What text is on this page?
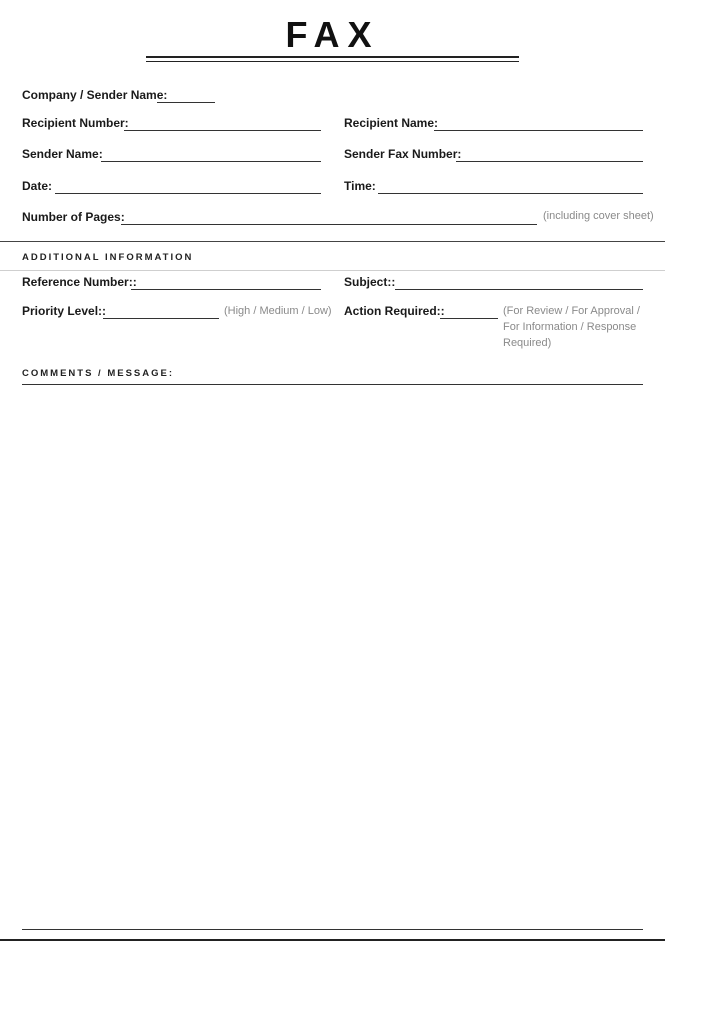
FAX
Company / Sender Name:
Recipient Number:	Recipient Name:
Sender Name:	Sender Fax Number:
Date:	Time:
Number of Pages:	(including cover sheet)
ADDITIONAL INFORMATION
Reference Number::	Subject::
Priority Level::	(High / Medium / Low) Action Required::	(For Review / For Approval / For Information / Response Required)
COMMENTS / MESSAGE:
